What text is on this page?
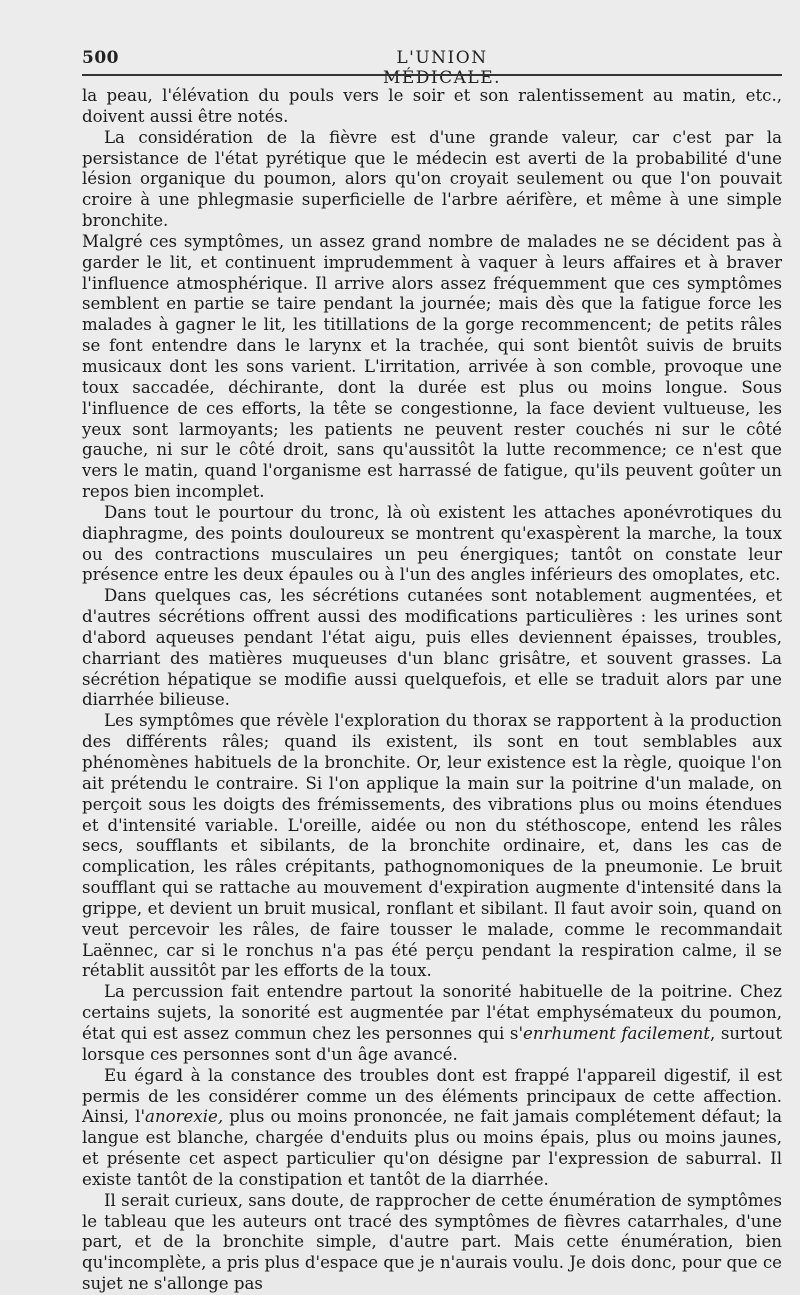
500	L'UNION MÉDICALE.

la peau, l'élévation du pouls vers le soir et son ralentissement au matin, etc., doivent aussi être notés.

La considération de la fièvre est d'une grande valeur, car c'est par la persistance de l'état pyrétique que le médecin est averti de la probabilité d'une lésion organique du poumon, alors qu'on croyait seulement ou que l'on pouvait croire à une phlegmasie superficielle de l'arbre aérifère, et même à une simple bronchite.

Malgré ces symptômes, un assez grand nombre de malades ne se décident pas à garder le lit, et continuent imprudemment à vaquer à leurs affaires et à braver l'influence atmosphérique. Il arrive alors assez fréquemment que ces symptômes semblent en partie se taire pendant la journée; mais dès que la fatigue force les malades à gagner le lit, les titillations de la gorge recommencent; de petits râles se font entendre dans le larynx et la trachée, qui sont bientôt suivis de bruits musicaux dont les sons varient. L'irritation, arrivée à son comble, provoque une toux saccadée, déchirante, dont la durée est plus ou moins longue. Sous l'influence de ces efforts, la tête se congestionne, la face devient vultueuse, les yeux sont larmoyants; les patients ne peuvent rester couchés ni sur le côté gauche, ni sur le côté droit, sans qu'aussitôt la lutte recommence; ce n'est que vers le matin, quand l'organisme est harrassé de fatigue, qu'ils peuvent goûter un repos bien incomplet.

Dans tout le pourtour du tronc, là où existent les attaches aponévrotiques du diaphragme, des points douloureux se montrent qu'exaspèrent la marche, la toux ou des contractions musculaires un peu énergiques; tantôt on constate leur présence entre les deux épaules ou à l'un des angles inférieurs des omoplates, etc.

Dans quelques cas, les sécrétions cutanées sont notablement augmentées, et d'autres sécrétions offrent aussi des modifications particulières : les urines sont d'abord aqueuses pendant l'état aigu, puis elles deviennent épaisses, troubles, charriant des matières muqueuses d'un blanc grisâtre, et souvent grasses. La sécrétion hépatique se modifie aussi quelquefois, et elle se traduit alors par une diarrhée bilieuse.

Les symptômes que révèle l'exploration du thorax se rapportent à la production des différents râles; quand ils existent, ils sont en tout semblables aux phénomènes habituels de la bronchite. Or, leur existence est la règle, quoique l'on ait prétendu le contraire. Si l'on applique la main sur la poitrine d'un malade, on perçoit sous les doigts des frémissements, des vibrations plus ou moins étendues et d'intensité variable. L'oreille, aidée ou non du stéthoscope, entend les râles secs, soufflants et sibilants, de la bronchite ordinaire, et, dans les cas de complication, les râles crépitants, pathognomoniques de la pneumonie. Le bruit soufflant qui se rattache au mouvement d'expiration augmente d'intensité dans la grippe, et devient un bruit musical, ronflant et sibilant. Il faut avoir soin, quand on veut percevoir les râles, de faire tousser le malade, comme le recommandait Laënnec, car si le ronchus n'a pas été perçu pendant la respiration calme, il se rétablit aussitôt par les efforts de la toux.

La percussion fait entendre partout la sonorité habituelle de la poitrine. Chez certains sujets, la sonorité est augmentée par l'état emphysémateux du poumon, état qui est assez commun chez les personnes qui s'enrhument facilement, surtout lorsque ces personnes sont d'un âge avancé.

Eu égard à la constance des troubles dont est frappé l'appareil digestif, il est permis de les considérer comme un des éléments principaux de cette affection. Ainsi, l'anorexie, plus ou moins prononcée, ne fait jamais complétement défaut; la langue est blanche, chargée d'enduits plus ou moins épais, plus ou moins jaunes, et présente cet aspect particulier qu'on désigne par l'expression de saburral. Il existe tantôt de la constipation et tantôt de la diarrhée.

Il serait curieux, sans doute, de rapprocher de cette énumération de symptômes le tableau que les auteurs ont tracé des symptômes de fièvres catarrhales, d'une part, et de la bronchite simple, d'autre part. Mais cette énumération, bien qu'incomplète, a pris plus d'espace que je n'aurais voulu. Je dois donc, pour que ce sujet ne s'allonge pas
